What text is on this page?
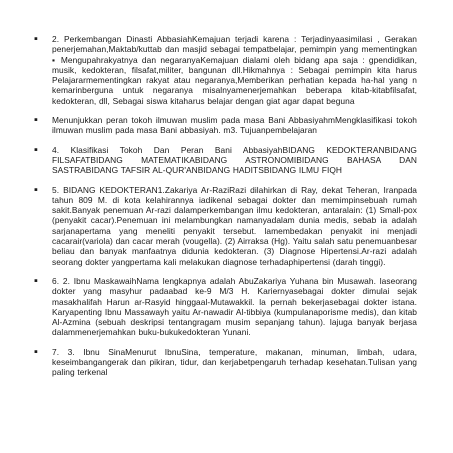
▪ 2. Perkembangan Dinasti AbbasiahKemajuan terjadi karena : Terjadinyaasimilasi , Gerakan penerjemahan,Maktab/kuttab dan masjid sebagai tempatbelajar, pemimpin yang mementingkan ▪ Mengupahrakyatnya dan negaranyaKemajuan dialami oleh bidang apa saja : gpendidikan, musik, kedokteran, filsafat,militer, bangunan dll.Hikmahnya : Sebagai pemimpin kita harus Pelajararmementingkan rakyat atau negaranya,Memberikan perhatian kepada ha-hal yang n kemarinberguna untuk negaranya misalnyamenerjemahkan beberapa kitab-kitabfilsafat, kedokteran, dll, Sebagai siswa kitaharus belajar dengan giat agar dapat beguna
▪ Menunjukkan peran tokoh ilmuwan muslim pada masa Bani AbbasiyahmMengklasifikasi tokoh ilmuwan muslim pada masa Bani abbasiyah. m3. Tujuanpembelajaran
▪ 4. Klasifikasi Tokoh Dan Peran Bani AbbasiyahBIDANG KEDOKTERANBIDANG FILSAFATBIDANG MATEMATIKABIDANG ASTRONOMIBIDANG BAHASA DAN SASTRABIDANG TAFSIR AL-QUR'ANBIDANG HADITSBIDANG ILMU FIQH
▪ 5. BIDANG KEDOKTERAN1.Zakariya Ar-RaziRazi dilahirkan di Ray, dekat Teheran, Iranpada tahun 809 M. di kota kelahirannya iadikenal sebagai dokter dan memimpinsebuah rumah sakit.Banyak penemuan Ar-razi dalamperkembangan ilmu kedokteran, antaralain: (1) Small-pox (penyakit cacar).Penemuan ini melambungkan namanyadalam dunia medis, sebab ia adalah sarjanapertama yang meneliti penyakit tersebut. lamembedakan penyakit ini menjadi cacarair(variola) dan cacar merah (vougella). (2) Airraksa (Hg). Yaitu salah satu penemuanbesar beliau dan banyak manfaatnya didunia kedokteran. (3) Diagnose Hipertensi.Ar-razi adalah seorang dokter yangpertama kali melakukan diagnose terhadaphipertensi (darah tinggi).
▪ 6. 2. Ibnu MaskawaihNama lengkapnya adalah AbuZakariya Yuhana bin Musawah. laseorang dokter yang masyhur padaabad ke-9 M/3 H. Kariernyasebagai dokter dimulai sejak masakhalifah Harun ar-Rasyid hinggaal-Mutawakkil. la pernah bekerjasebagai dokter istana. Karyapenting Ibnu Massawayh yaitu Ar-nawadir Al-tibbiya (kumpulanaporisme medis), dan kitab Al-Azmina (sebuah deskripsi tentangragam musim sepanjang tahun). lajuga banyak berjasa dalammenerjemahkan buku-bukukedokteran Yunani.
▪ 7. 3. Ibnu SinaMenurut IbnuSina, temperature, makanan, minuman, limbah, udara, keseimbangangerak dan pikiran, tidur, dan kerjabetpengaruh terhadap kesehatan.Tulisan yang paling terkenal
